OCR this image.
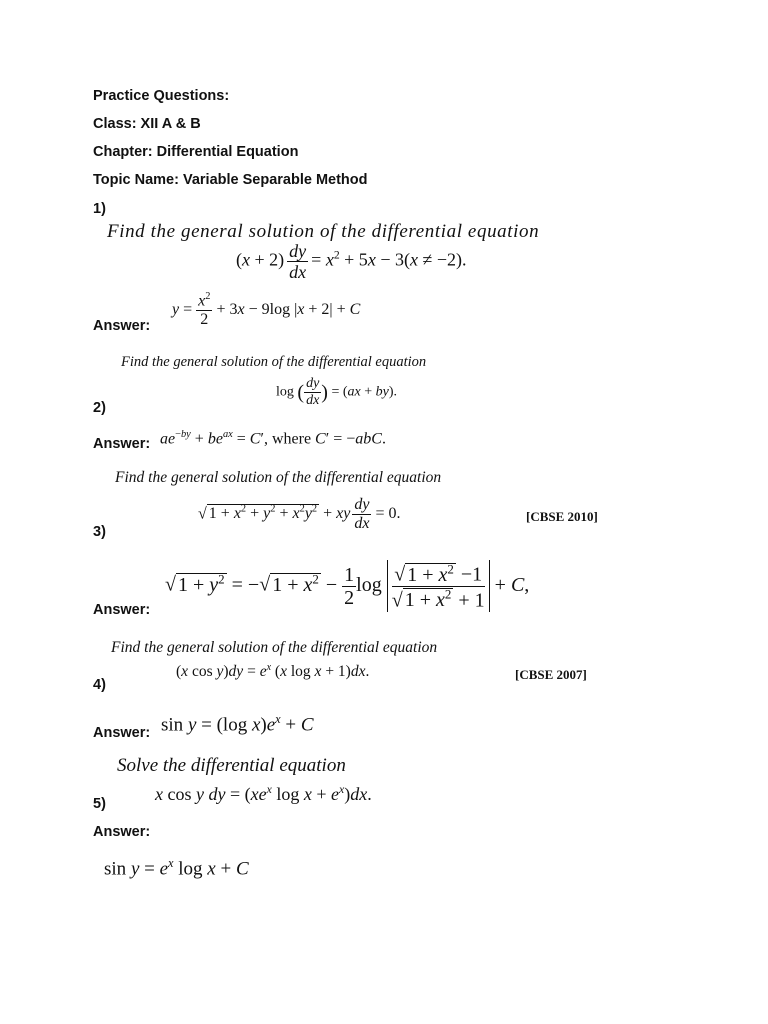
Practice Questions:
Class: XII A & B
Chapter: Differential Equation
Topic Name: Variable Separable Method
1)
Find the general solution of the differential equation
$(x + 2) \frac{dy}{dx} = x^2 + 5x - 3(x \ne -2)$.
Answer:
$y = \frac{x^2}{2} + 3x - 9\log$ |x + 2| + C
Find the general solution of the differential equation
log ( $\frac{dy}{dx}$ ) = (ax + by).
2)
Answer: $ae^{-by} + be^{ax} = C'$, where C′ = −abC.
Find the general solution of the differential equation
√ $1 + x^2 + y^2 + x^2y^2$ + xy $\frac{dy}{dx} = 0$.	[CBSE 2010]
3)
√ $1 + y^2$ = −√ $1 + x^2 - \frac{1}{2}$ $\log \frac{√ 1 + x^2 -1}{√ 1 + x^2 + 1} + C$,
Answer:
Find the general solution of the differential equation
(x $\cos y)dy = e^x$ (x log x + 1)dx.	[CBSE 2007]
4)
Answer: sin y = (log $x)e^x + C$
Solve the differential equation
x cos y dy = ($xe^x$ $\log x + e^x)dx$.
5)
Answer:
$\sin y = e^x$ log x + C
